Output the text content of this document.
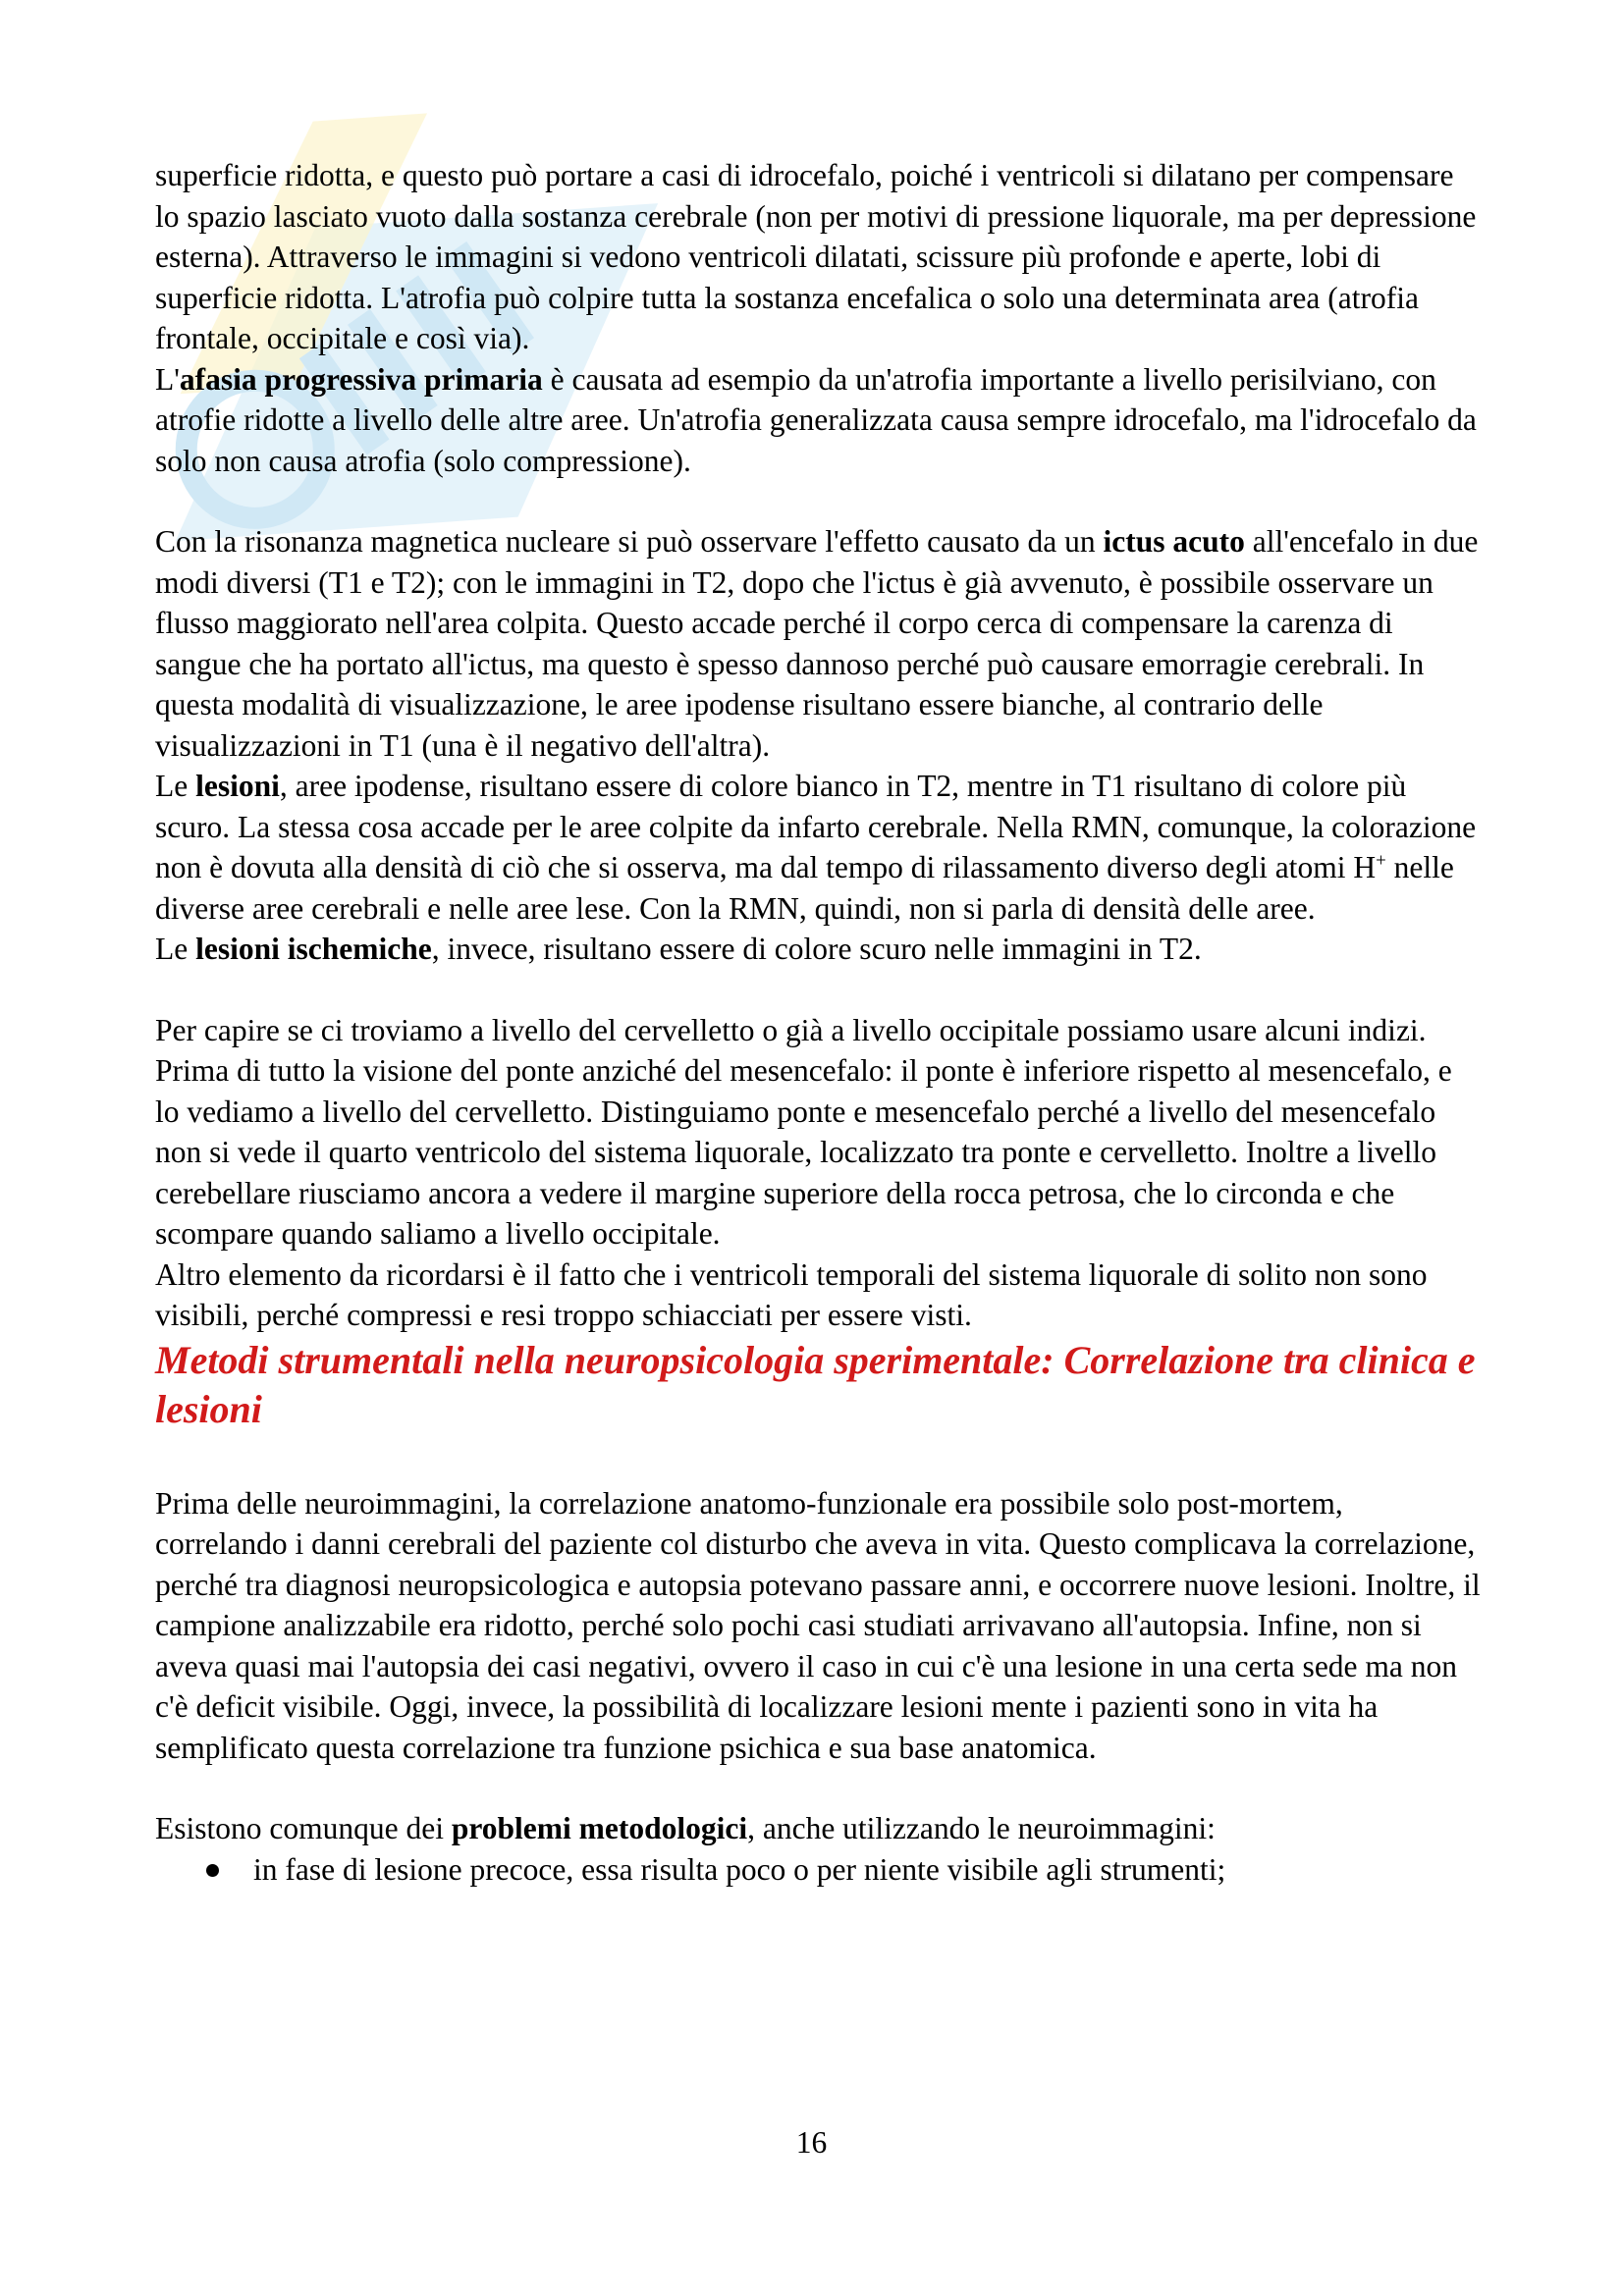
superficie ridotta, e questo può portare a casi di idrocefalo, poiché i ventricoli si dilatano per compensare lo spazio lasciato vuoto dalla sostanza cerebrale (non per motivi di pressione liquorale, ma per depressione esterna). Attraverso le immagini si vedono ventricoli dilatati, scissure più profonde e aperte, lobi di superficie ridotta. L'atrofia può colpire tutta la sostanza encefalica o solo una determinata area (atrofia frontale, occipitale e così via).
L'afasia progressiva primaria è causata ad esempio da un'atrofia importante a livello perisilviano, con atrofie ridotte a livello delle altre aree. Un'atrofia generalizzata causa sempre idrocefalo, ma l'idrocefalo da solo non causa atrofia (solo compressione).

Con la risonanza magnetica nucleare si può osservare l'effetto causato da un ictus acuto all'encefalo in due modi diversi (T1 e T2); con le immagini in T2, dopo che l'ictus è già avvenuto, è possibile osservare un flusso maggiorato nell'area colpita. Questo accade perché il corpo cerca di compensare la carenza di sangue che ha portato all'ictus, ma questo è spesso dannoso perché può causare emorragie cerebrali. In questa modalità di visualizzazione, le aree ipodense risultano essere bianche, al contrario delle visualizzazioni in T1 (una è il negativo dell'altra).

Le lesioni, aree ipodense, risultano essere di colore bianco in T2, mentre in T1 risultano di colore più scuro. La stessa cosa accade per le aree colpite da infarto cerebrale. Nella RMN, comunque, la colorazione non è dovuta alla densità di ciò che si osserva, ma dal tempo di rilassamento diverso degli atomi H+ nelle diverse aree cerebrali e nelle aree lese. Con la RMN, quindi, non si parla di densità delle aree.

Le lesioni ischemiche, invece, risultano essere di colore scuro nelle immagini in T2.

Per capire se ci troviamo a livello del cervelletto o già a livello occipitale possiamo usare alcuni indizi. Prima di tutto la visione del ponte anziché del mesencefalo: il ponte è inferiore rispetto al mesencefalo, e lo vediamo a livello del cervelletto. Distinguiamo ponte e mesencefalo perché a livello del mesencefalo non si vede il quarto ventricolo del sistema liquorale, localizzato tra ponte e cervelletto. Inoltre a livello cerebellare riusciamo ancora a vedere il margine superiore della rocca petrosa, che lo circonda e che scompare quando saliamo a livello occipitale.

Altro elemento da ricordarsi è il fatto che i ventricoli temporali del sistema liquorale di solito non sono visibili, perché compressi e resi troppo schiacciati per essere visti.

Metodi strumentali nella neuropsicologia sperimentale: Correlazione tra clinica e lesioni

Prima delle neuroimmagini, la correlazione anatomo-funzionale era possibile solo post-mortem, correlando i danni cerebrali del paziente col disturbo che aveva in vita. Questo complicava la correlazione, perché tra diagnosi neuropsicologica e autopsia potevano passare anni, e occorrere nuove lesioni. Inoltre, il campione analizzabile era ridotto, perché solo pochi casi studiati arrivavano all'autopsia. Infine, non si aveva quasi mai l'autopsia dei casi negativi, ovvero il caso in cui c'è una lesione in una certa sede ma non c'è deficit visibile. Oggi, invece, la possibilità di localizzare lesioni mente i pazienti sono in vita ha semplificato questa correlazione tra funzione psichica e sua base anatomica.

Esistono comunque dei problemi metodologici, anche utilizzando le neuroimmagini:

in fase di lesione precoce, essa risulta poco o per niente visibile agli strumenti;
16
